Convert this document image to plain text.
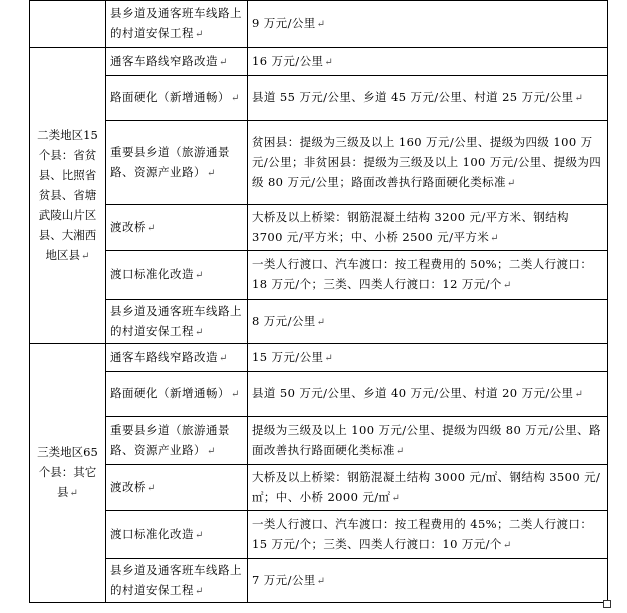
	县乡道及通客班车线路上的村道安保工程↵	9 万元/公里↵
二类地区15个县：省贫县、比照省贫县、省塘武陵山片区县、大湘西地区县↵	通客车路线窄路改造↵	16 万元/公里↵
	路面硬化（新增通畅）↵	县道 55 万元/公里、乡道 45 万元/公里、村道 25 万元/公里↵
	重要县乡道（旅游通景路、资源产业路）↵	贫困县：提级为三级及以上 160 万元/公里、提级为四级 100 万元/公里；非贫困县：提级为三级及以上 100 万元/公里、提级为四级 80 万元/公里；路面改善执行路面硬化类标准↵
	渡改桥↵	大桥及以上桥梁：钢筋混凝土结构 3200 元/平方米、钢结构 3700 元/平方米；中、小桥 2500 元/平方米↵
	渡口标准化改造↵	一类人行渡口、汽车渡口：按工程费用的 50%；二类人行渡口：18 万元/个；三类、四类人行渡口：12 万元/个↵
	县乡道及通客班车线路上的村道安保工程↵	8 万元/公里↵
三类地区65个县：其它县↵	通客车路线窄路改造↵	15 万元/公里↵
	路面硬化（新增通畅）↵	县道 50 万元/公里、乡道 40 万元/公里、村道 20 万元/公里↵
	重要县乡道（旅游通景路、资源产业路）↵	提级为三级及以上 100 万元/公里、提级为四级 80 万元/公里、路面改善执行路面硬化类标准↵
	渡改桥↵	大桥及以上桥梁：钢筋混凝土结构 3000 元/㎡、钢结构 3500 元/㎡；中、小桥 2000 元/㎡↵
	渡口标准化改造↵	一类人行渡口、汽车渡口：按工程费用的 45%；二类人行渡口：15 万元/个；三类、四类人行渡口：10 万元/个↵
	县乡道及通客班车线路上的村道安保工程↵	7 万元/公里↵
